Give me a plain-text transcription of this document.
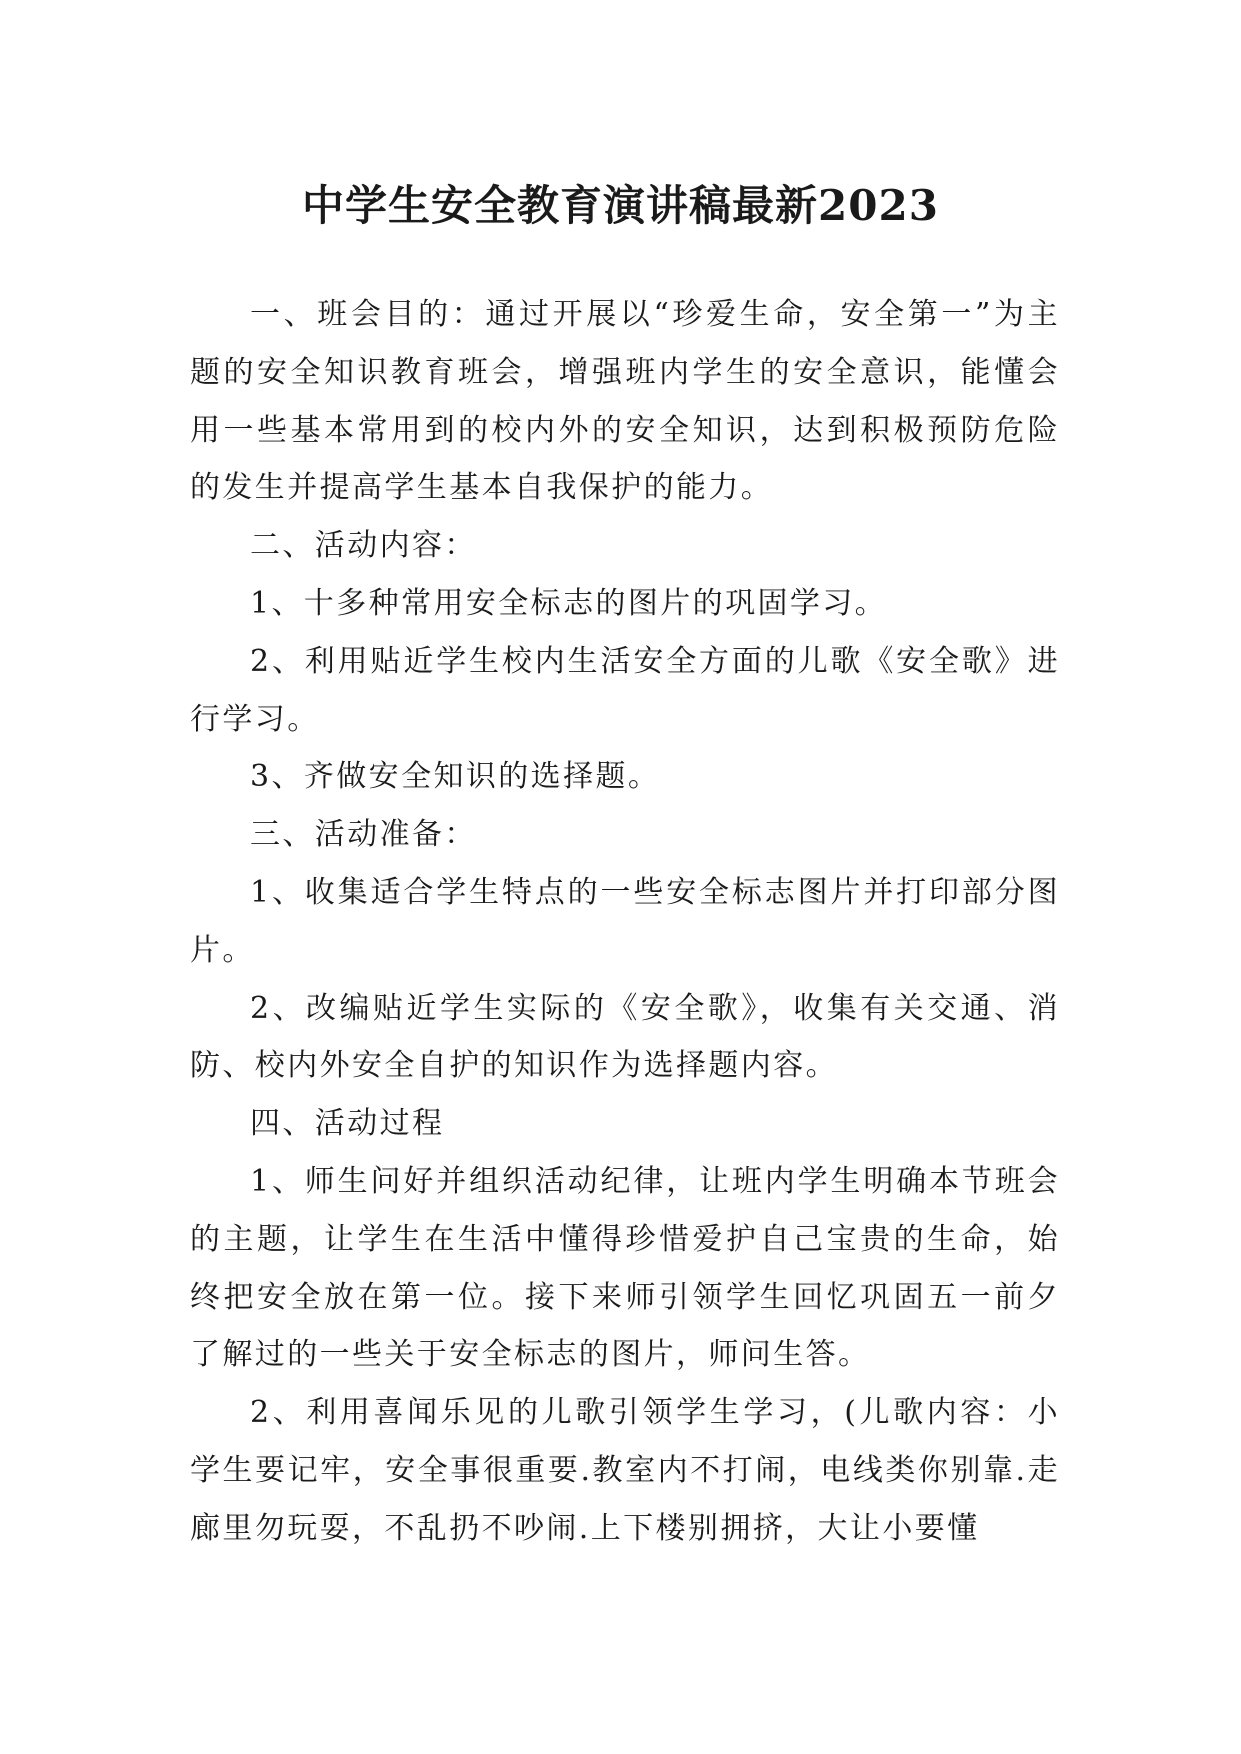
中学生安全教育演讲稿最新2023

一、班会目的：通过开展以“珍爱生命，安全第一”为主题的安全知识教育班会，增强班内学生的安全意识，能懂会用一些基本常用到的校内外的安全知识，达到积极预防危险的发生并提高学生基本自我保护的能力。

二、活动内容：

1、十多种常用安全标志的图片的巩固学习。

2、利用贴近学生校内生活安全方面的儿歌《安全歌》进行学习。

3、齐做安全知识的选择题。

三、活动准备：

1、收集适合学生特点的一些安全标志图片并打印部分图片。

2、改编贴近学生实际的《安全歌》，收集有关交通、消防、校内外安全自护的知识作为选择题内容。

四、活动过程

1、师生问好并组织活动纪律，让班内学生明确本节班会的主题，让学生在生活中懂得珍惜爱护自己宝贵的生命，始终把安全放在第一位。接下来师引领学生回忆巩固五一前夕了解过的一些关于安全标志的图片，师问生答。

2、利用喜闻乐见的儿歌引领学生学习，(儿歌内容：小学生要记牢，安全事很重要.教室内不打闹，电线类你别靠.走廊里勿玩耍，不乱扔不吵闹.上下楼别拥挤，大让小要懂
